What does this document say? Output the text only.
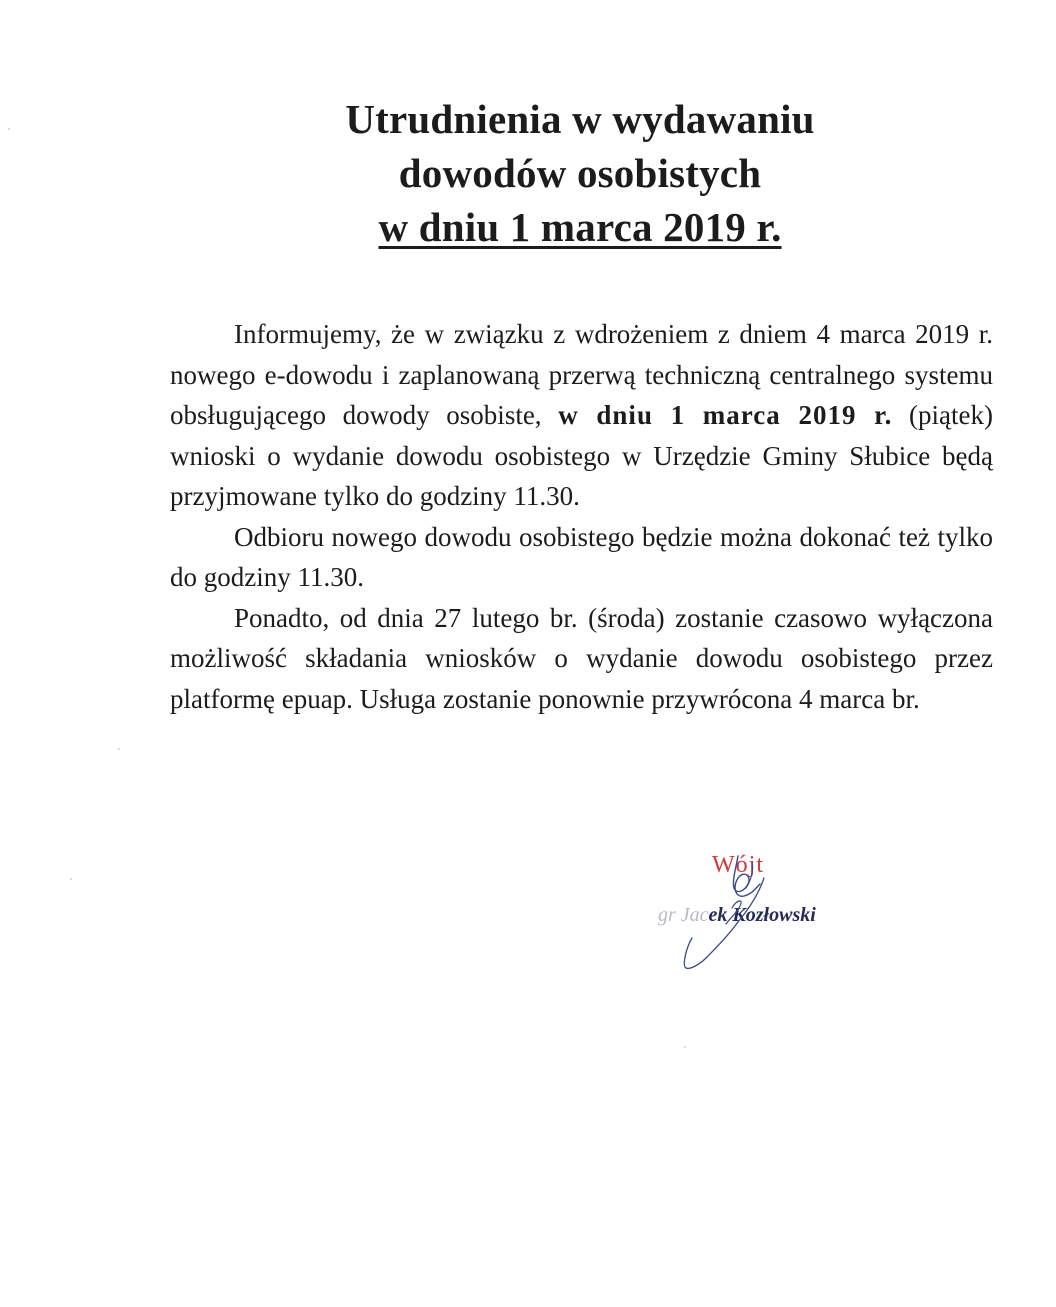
Utrudnienia w wydawaniu
dowodów osobistych
w dniu 1 marca 2019 r.

Informujemy, że w związku z wdrożeniem z dniem 4 marca 2019 r. nowego e-dowodu i zaplanowaną przerwą techniczną centralnego systemu obsługującego dowody osobiste, w dniu 1 marca 2019 r. (piątek) wnioski o wydanie dowodu osobistego w Urzędzie Gminy Słubice będą przyjmowane tylko do godziny 11.30.

Odbioru nowego dowodu osobistego będzie można dokonać też tylko do godziny 11.30.

Ponadto, od dnia 27 lutego br. (środa) zostanie czasowo wyłączona możliwość składania wniosków o wydanie dowodu osobistego przez platformę epuap. Usługa zostanie ponownie przywrócona 4 marca br.

Wójt
gr Jacek Kozłowski
